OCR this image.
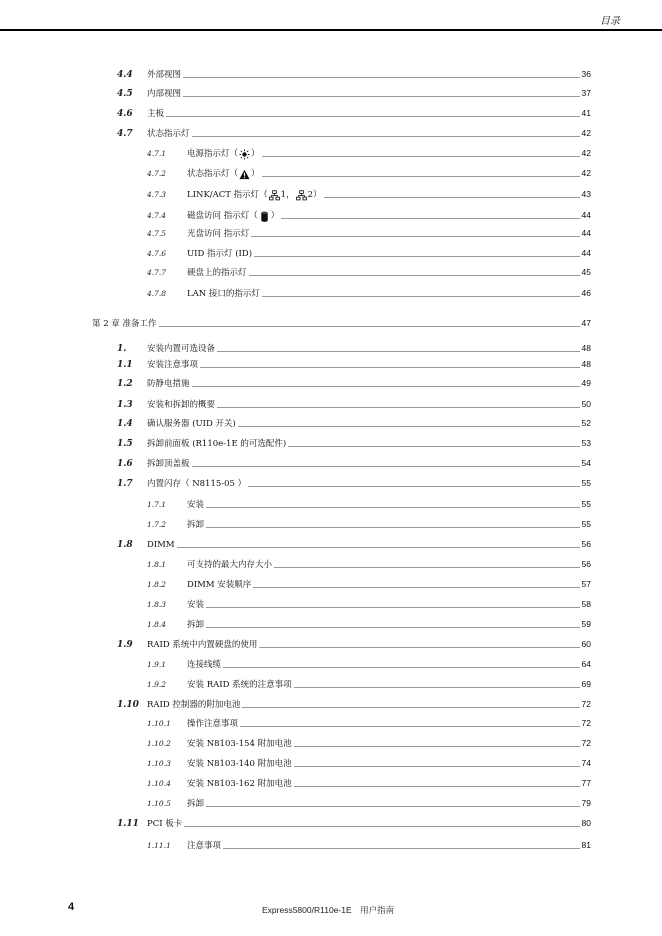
目录
4.4	外部视图	36
4.5	内部视图	37
4.6	主板	41
4.7	状态指示灯	42
4.7.1	电源指示灯（ ）	42
4.7.2	状态指示灯（ ）	42
4.7.3	LINK/ACT 指示灯（ 1， 2）	43
4.7.4	磁盘访问 指示灯（ ）	44
4.7.5	光盘访问 指示灯	44
4.7.6	UID 指示灯 (ID)	44
4.7.7	硬盘上的指示灯	45
4.7.8	LAN 接口的指示灯	46
第 2 章 准备工作	47
1.	安装内置可选设备	48
1.1	安装注意事项	48
1.2	防静电措施	49
1.3	安装和拆卸的概要	50
1.4	确认服务器 (UID 开关)	52
1.5	拆卸前面板 (R110e-1E 的可选配件)	53
1.6	拆卸顶盖板	54
1.7	内置闪存（ N8115-05 ）	55
1.7.1	安装	55
1.7.2	拆卸	55
1.8	DIMM	56
1.8.1	可支持的最大内存大小	56
1.8.2	DIMM 安装顺序	57
1.8.3	安装	58
1.8.4	拆卸	59
1.9	RAID 系统中内置硬盘的使用	60
1.9.1	连接线缆	64
1.9.2	安装 RAID 系统的注意事项	69
1.10 RAID 控制器的附加电池	72
1.10.1	操作注意事项	72
1.10.2	安装 N8103-154 附加电池	72
1.10.3	安装 N8103-140 附加电池	74
1.10.4	安装 N8103-162 附加电池	77
1.10.5	拆卸	79
1.11 PCI 板卡	80
1.11.1	注意事项	81
4	Express5800/R110e-1E　用户指南
